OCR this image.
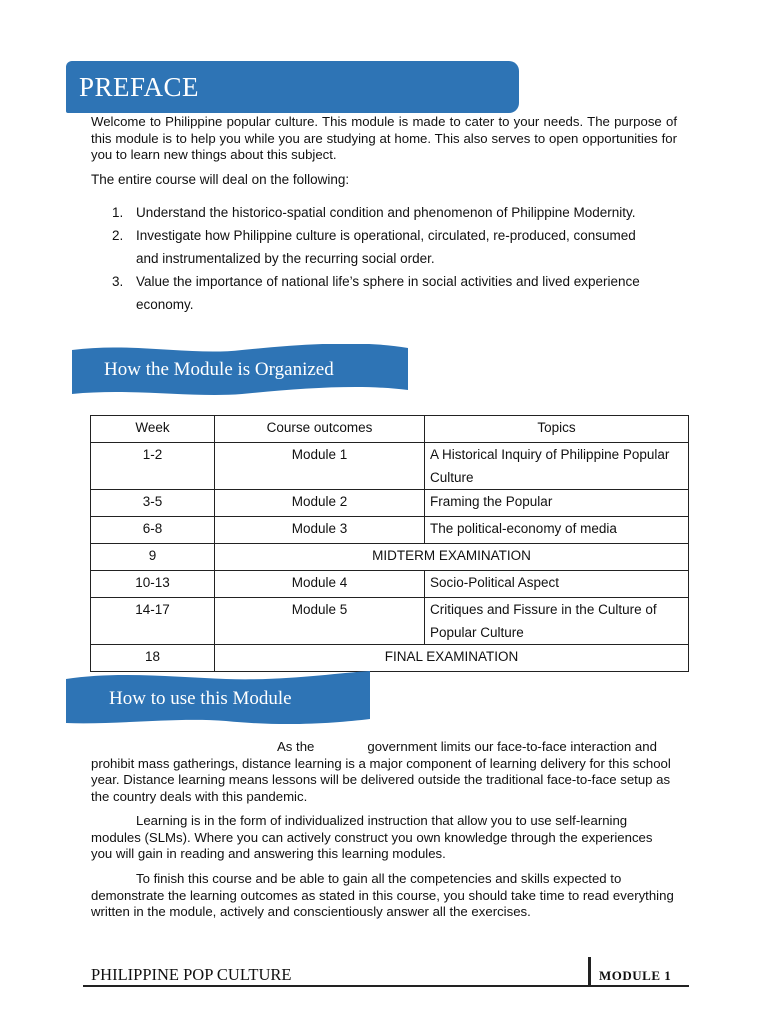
PREFACE
Welcome to Philippine popular culture. This module is made to cater to your needs. The purpose of this module is to help you while you are studying at home. This also serves to open opportunities for you to learn new things about this subject.
The entire course will deal on the following:
1. Understand the historico-spatial condition and phenomenon of Philippine Modernity.
2. Investigate how Philippine culture is operational, circulated, re-produced, consumed and instrumentalized by the recurring social order.
3. Value the importance of national life’s sphere in social activities and lived experience economy.
How the Module is Organized
Week	Course outcomes	Topics
1-2	Module 1	A Historical Inquiry of Philippine Popular Culture
3-5	Module 2	Framing the Popular
6-8	Module 3	The political-economy of media
9	MIDTERM EXAMINATION	
10-13	Module 4	Socio-Political Aspect
14-17	Module 5	Critiques and Fissure in the Culture of Popular Culture
18	FINAL EXAMINATION	
How to use this Module
As the	government limits our face-to-face interaction and prohibit mass gatherings, distance learning is a major component of learning delivery for this school year. Distance learning means lessons will be delivered outside the traditional face-to-face setup as the country deals with this pandemic.
Learning is in the form of individualized instruction that allow you to use self-learning modules (SLMs). Where you can actively construct you own knowledge through the experiences you will gain in reading and answering this learning modules.
To finish this course and be able to gain all the competencies and skills expected to demonstrate the learning outcomes as stated in this course, you should take time to read everything written in the module, actively and conscientiously answer all the exercises.
PHILIPPINE POP CULTURE	MODULE 1
